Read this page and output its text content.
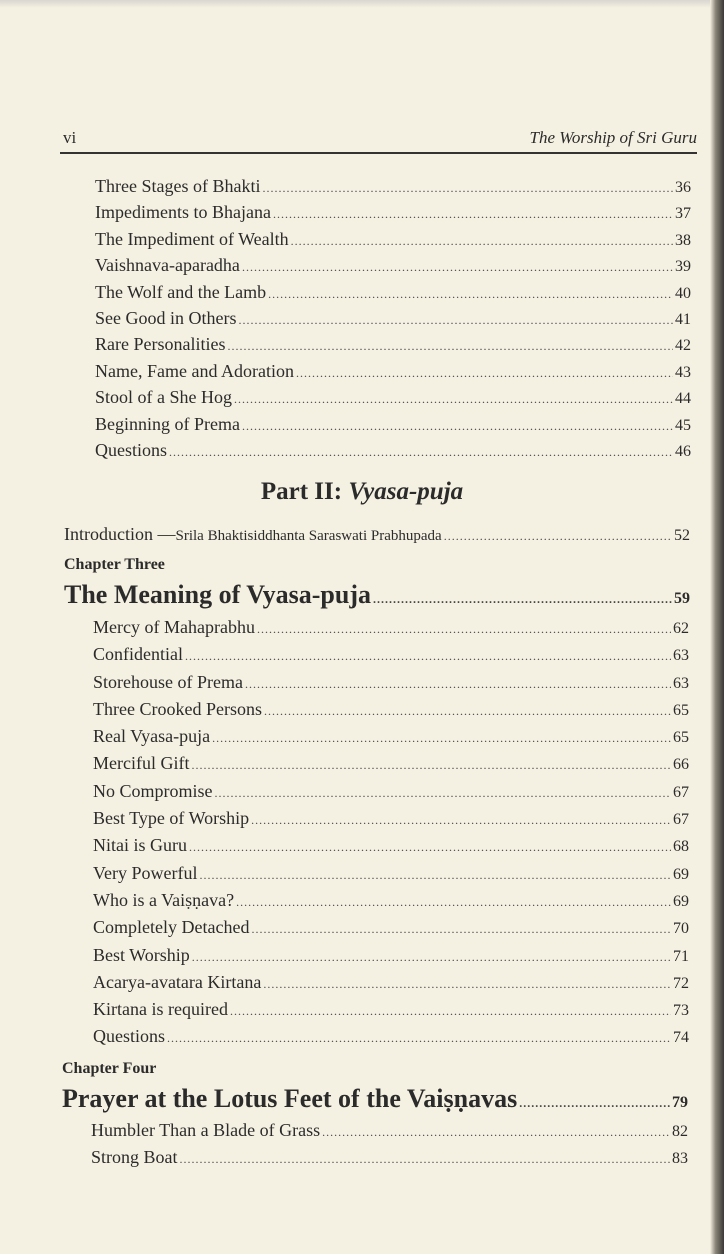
vi	The Worship of Sri Guru
Three Stages of Bhakti .....	36
Impediments to Bhajana .....	37
The Impediment of Wealth .....	38
Vaishnava-aparadha .....	39
The Wolf and the Lamb .....	40
See Good in Others .....	41
Rare Personalities .....	42
Name, Fame and Adoration .....	43
Stool of a She Hog .....	44
Beginning of Prema .....	45
Questions .....	46
Part II: Vyasa-puja
Introduction — Srila Bhaktisiddhanta Saraswati Prabhupada .....	52
Chapter Three
The Meaning of Vyasa-puja .....	59
Mercy of Mahaprabhu .....	62
Confidential .....	63
Storehouse of Prema .....	63
Three Crooked Persons .....	65
Real Vyasa-puja .....	65
Merciful Gift .....	66
No Compromise .....	67
Best Type of Worship .....	67
Nitai is Guru .....	68
Very Powerful .....	69
Who is a Vaiṣṇava? .....	69
Completely Detached .....	70
Best Worship .....	71
Acarya-avatara Kirtana .....	72
Kirtana is required .....	73
Questions .....	74
Chapter Four
Prayer at the Lotus Feet of the Vaiṣṇavas .....	79
Humbler Than a Blade of Grass .....	82
Strong Boat .....	83
